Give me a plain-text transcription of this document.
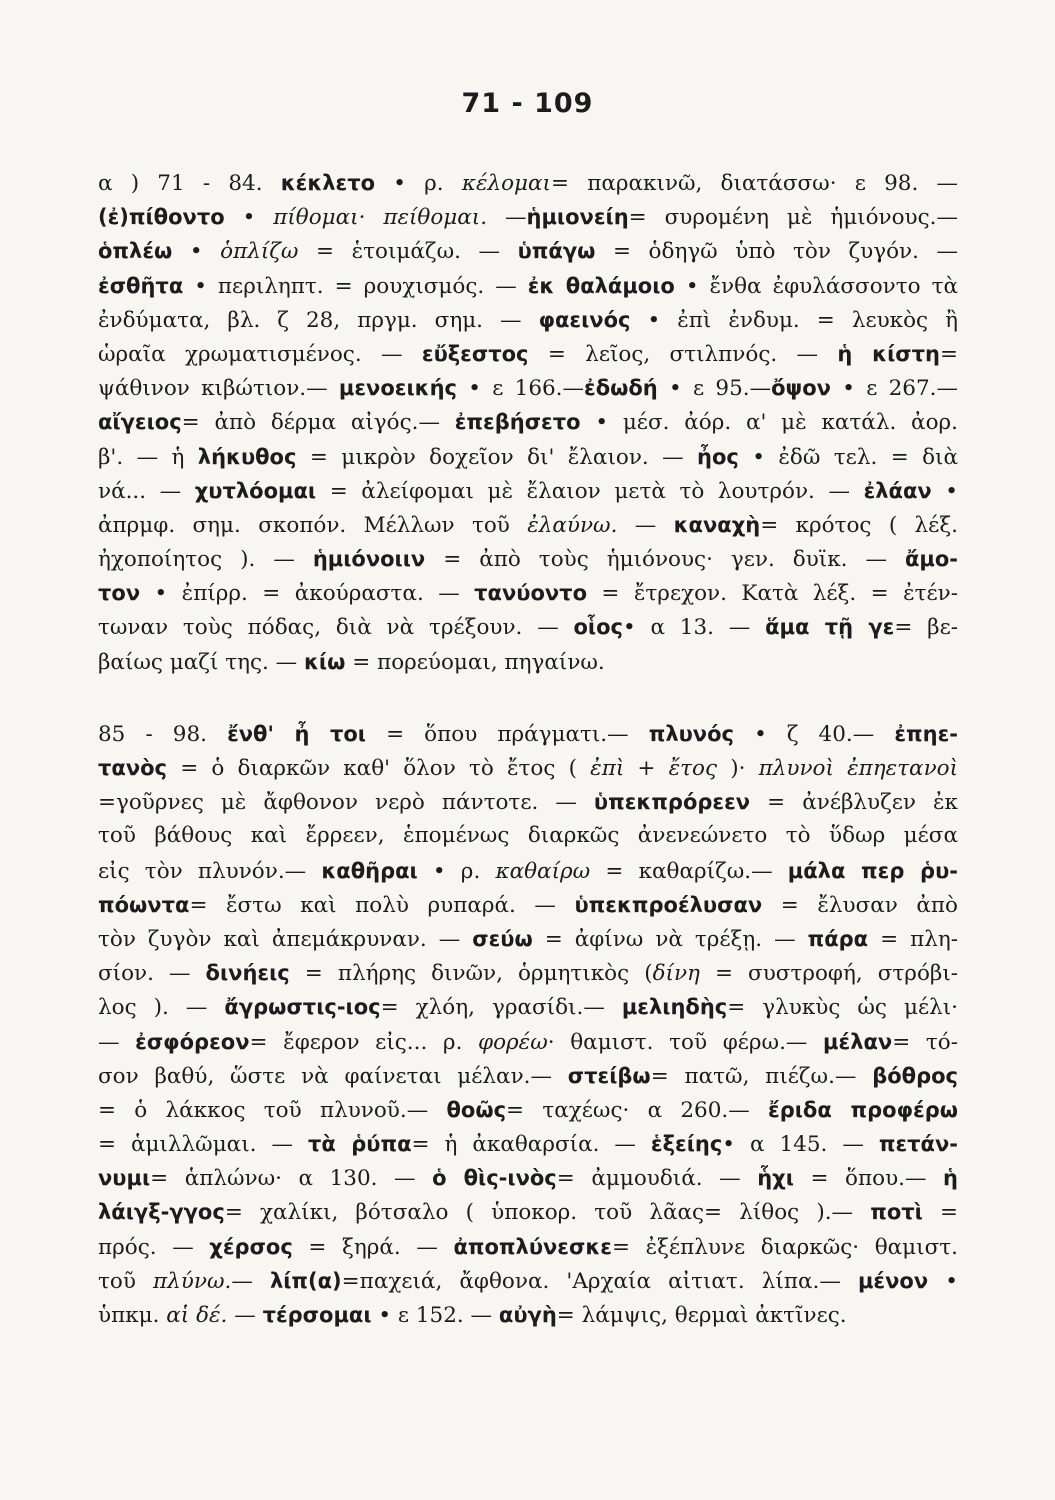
71 - 109
α ) 71 - 84. κέκλετο • ρ. κέλομαι= παρακινῶ, διατάσσω· ε 98. —
(ἐ)πίθοντο • πίθομαι· πείθομαι. —ἡμιονείη= συρομένη μὲ ἡμιόνους.—
ὁπλέω • ὁπλίζω = ἑτοιμάζω. — ὑπάγω = ὁδηγῶ ὑπὸ τὸν ζυγόν. —
ἐσθῆτα • περιληπτ. = ρουχισμός. — ἐκ θαλάμοιο • ἔνθα ἐφυλάσσοντο τὰ
ἐνδύματα, βλ. ζ 28, πργμ. σημ. — φαεινός • ἐπὶ ἐνδυμ. = λευκὸς ἢ
ὡραῖα χρωματισμένος. — εὔξεστος = λεῖος, στιλπνός. — ἡ κίστη=
ψάθινον κιβώτιον.— μενοεικής • ε 166.—ἐδωδή • ε 95.—ὄψον • ε 267.—
αἴγειος= ἀπὸ δέρμα αἰγός.— ἐπεβήσετο • μέσ. ἀόρ. α' μὲ κατάλ. ἀορ.
β'. — ἡ λήκυθος = μικρὸν δοχεῖον δι' ἔλαιον. — ἦος • ἐδῶ τελ. = διὰ
νά... — χυτλόομαι = ἀλείφομαι μὲ ἔλαιον μετὰ τὸ λουτρόν. — ἐλάαν •
ἀπρμφ. σημ. σκοπόν. Μέλλων τοῦ ἐλαύνω. — καναχὴ= κρότος ( λέξ.
ἠχοποίητος ). — ἡμιόνοιιν = ἀπὸ τοὺς ἡμιόνους· γεν. δυϊκ. — ἄμο-
τον • ἐπίρρ. = ἀκούραστα. — τανύοντο = ἔτρεχον. Κατὰ λέξ. = ἐτέν-
τωναν τοὺς πόδας, διὰ νὰ τρέξουν. — οἷος• α 13. — ἅμα τῇ γε= βε-
βαίως μαζί της. — κίω = πορεύομαι, πηγαίνω.
85 - 98. ἔνθ' ἦ τοι = ὅπου πράγματι.— πλυνός • ζ 40.— ἐπηε-
τανὸς = ὁ διαρκῶν καθ' ὅλον τὸ ἔτος ( ἐπὶ + ἔτος )· πλυνοὶ ἐπηετανοὶ
=γοῦρνες μὲ ἄφθονον νερὸ πάντοτε. — ὑπεκπρόρεεν = ἀνέβλυζεν ἐκ
τοῦ βάθους καὶ ἔρρεεν, ἑπομένως διαρκῶς ἀνενεώνετο τὸ ὕδωρ μέσα
εἰς τὸν πλυνόν.— καθῆραι • ρ. καθαίρω = καθαρίζω.— μάλα περ ῥυ-
πόωντα= ἔστω καὶ πολὺ ρυπαρά. — ὑπεκπροέλυσαν = ἔλυσαν ἀπὸ
τὸν ζυγὸν καὶ ἀπεμάκρυναν. — σεύω = ἀφίνω νὰ τρέξῃ. — πάρα = πλη-
σίον. — δινήεις = πλήρης δινῶν, ὁρμητικὸς (δίνη = συστροφή, στρόβι-
λος ). — ἄγρωστις-ιος= χλόη, γρασίδι.— μελιηδὴς= γλυκὺς ὡς μέλι·
— ἐσφόρεον= ἔφερον εἰς... ρ. φορέω· θαμιστ. τοῦ φέρω.— μέλαν= τό-
σον βαθύ, ὥστε νὰ φαίνεται μέλαν.— στείβω= πατῶ, πιέζω.— βόθρος
= ὁ λάκκος τοῦ πλυνοῦ.— θοῶς= ταχέως· α 260.— ἔριδα προφέρω
= ἁμιλλῶμαι. — τὰ ῥύπα= ἡ ἀκαθαρσία. — ἑξείης• α 145. — πετάν-
νυμι= ἁπλώνω· α 130. — ὁ θὶς-ινὸς= ἀμμουδιά. — ἧχι = ὅπου.— ἡ
λάιγξ-γγος= χαλίκι, βότσαλο ( ὑποκορ. τοῦ λᾶας= λίθος ).— ποτὶ =
πρός. — χέρσος = ξηρά. — ἀποπλύνεσκε= ἐξέπλυνε διαρκῶς· θαμιστ.
τοῦ πλύνω.— λίπ(α)=παχειά, ἄφθονα. 'Αρχαία αἰτιατ. λίπα.— μένον •
ὑπκμ. αἱ δέ. — τέρσομαι • ε 152. — αὐγὴ= λάμψις, θερμαὶ ἀκτῖνες.
